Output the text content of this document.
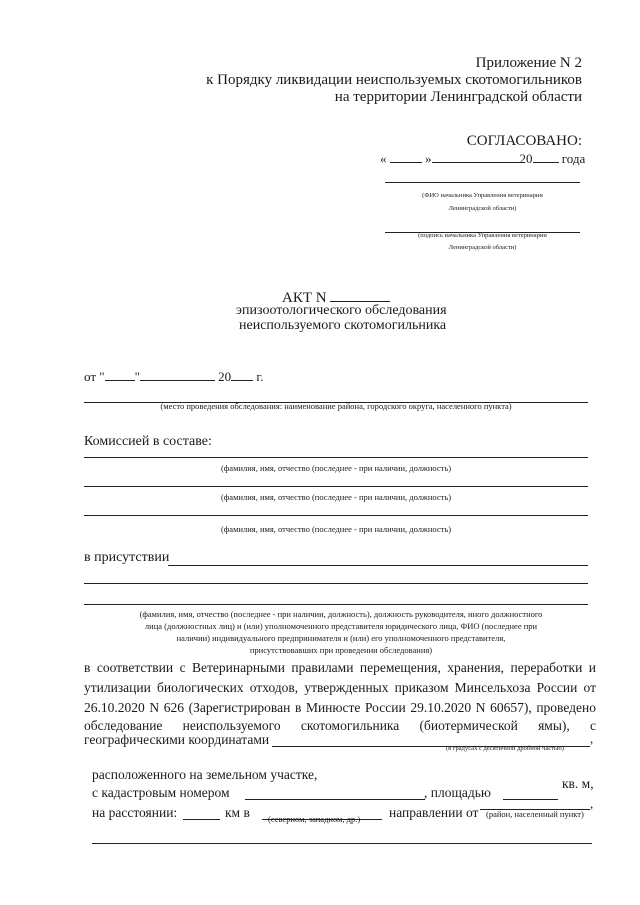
Приложение N 2
к Порядку ликвидации неиспользуемых скотомогильников
на территории Ленинградской области
СОГЛАСОВАНО:
«	»	20 года
(ФИО начальника Управления ветеринарии
Ленинградской области)
(подпись начальника Управления ветеринарии
Ленинградской области)
АКТ N
эпизоотологического обследования
неиспользуемого скотомогильника
от " "	20 г.
(место проведения обследования: наименование района, городского округа, населенного пункта)
Комиссией в составе:
(фамилия, имя, отчество (последнее - при наличии, должность)
(фамилия, имя, отчество (последнее - при наличии, должность)
(фамилия, имя, отчество (последнее - при наличии, должность)
в присутствии
(фамилия, имя, отчество (последнее - при наличии, должность), должность руководителя, иного должностного
лица (должностных лиц) и (или) уполномоченного представителя юридического лица, ФИО (последнее при
наличии) индивидуального предпринимателя и (или) его уполномоченного представителя,
присутствовавших при проведении обследования)
в соответствии с Ветеринарными правилами перемещения, хранения, переработки и
утилизации биологических отходов, утвержденных приказом Минсельхоза России от
26.10.2020 N 626 (Зарегистрирован в Минюсте России 29.10.2020 N 60657), проведено
обследование неиспользуемого скотомогильника (биотермической ямы), с
географическими координатами	,
(в градусах с десятичной дробной частью)
расположенного на земельном участке,
с кадастровым номером	, площадью
кв. м,
на расстоянии:	км в	направлении от
,
(северном, западном, др.)	(район, населенный пункт)
